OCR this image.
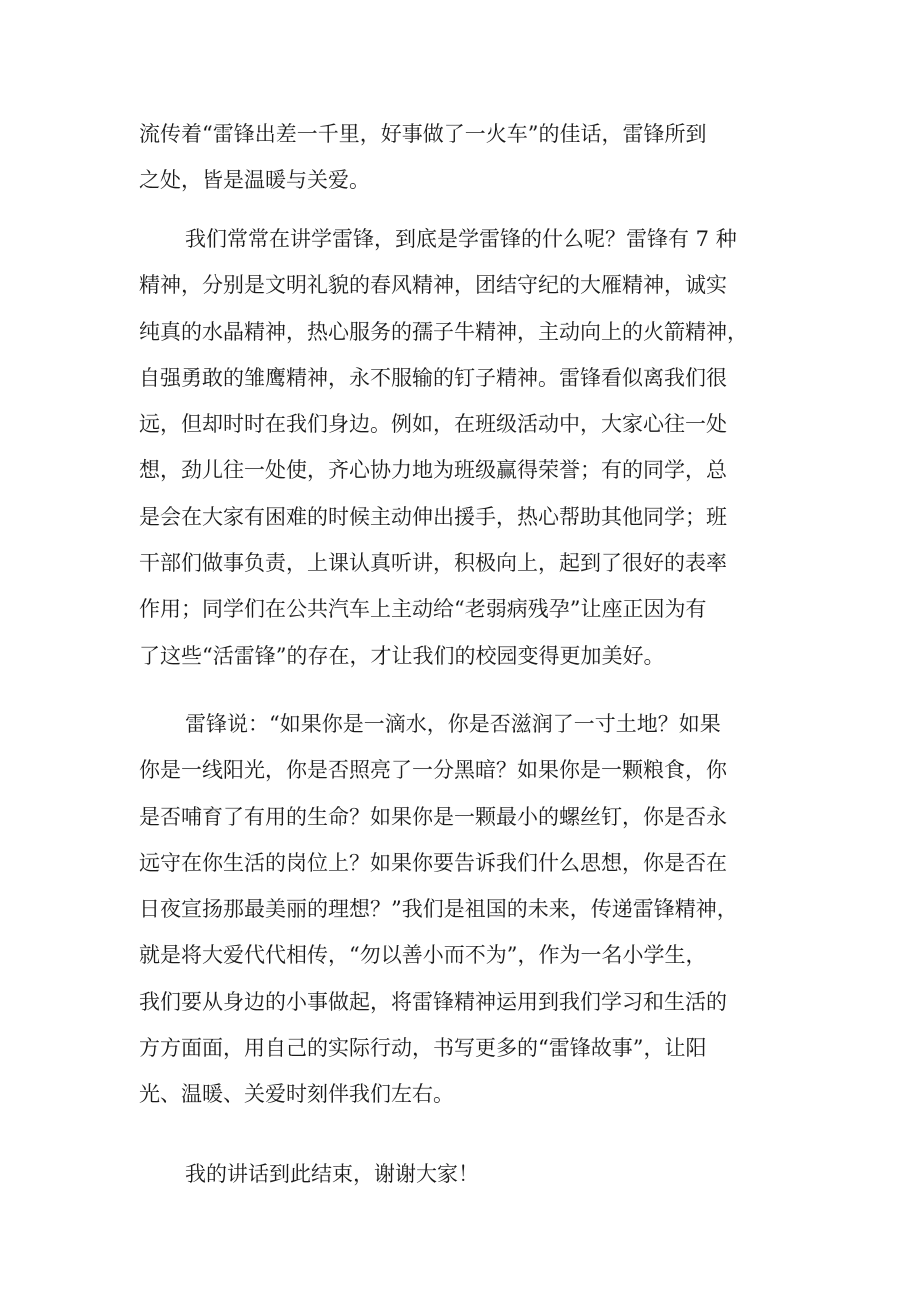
流传着“雷锋出差一千里，好事做了一火车”的佳话，雷锋所到
之处，皆是温暖与关爱。
我们常常在讲学雷锋，到底是学雷锋的什么呢？雷锋有 7 种
精神，分别是文明礼貌的春风精神，团结守纪的大雁精神，诚实
纯真的水晶精神，热心服务的孺子牛精神，主动向上的火箭精神，
自强勇敢的雏鹰精神，永不服输的钉子精神。雷锋看似离我们很
远，但却时时在我们身边。例如，在班级活动中，大家心往一处
想，劲儿往一处使，齐心协力地为班级赢得荣誉；有的同学，总
是会在大家有困难的时候主动伸出援手，热心帮助其他同学；班
干部们做事负责，上课认真听讲，积极向上，起到了很好的表率
作用；同学们在公共汽车上主动给“老弱病残孕”让座正因为有
了这些“活雷锋”的存在，才让我们的校园变得更加美好。
雷锋说：“如果你是一滴水，你是否滋润了一寸土地？如果
你是一线阳光，你是否照亮了一分黑暗？如果你是一颗粮食，你
是否哺育了有用的生命？如果你是一颗最小的螺丝钉，你是否永
远守在你生活的岗位上？如果你要告诉我们什么思想，你是否在
日夜宣扬那最美丽的理想？”我们是祖国的未来，传递雷锋精神，
就是将大爱代代相传，“勿以善小而不为”，作为一名小学生，
我们要从身边的小事做起，将雷锋精神运用到我们学习和生活的
方方面面，用自己的实际行动，书写更多的“雷锋故事”，让阳
光、温暖、关爱时刻伴我们左右。
我的讲话到此结束，谢谢大家！
